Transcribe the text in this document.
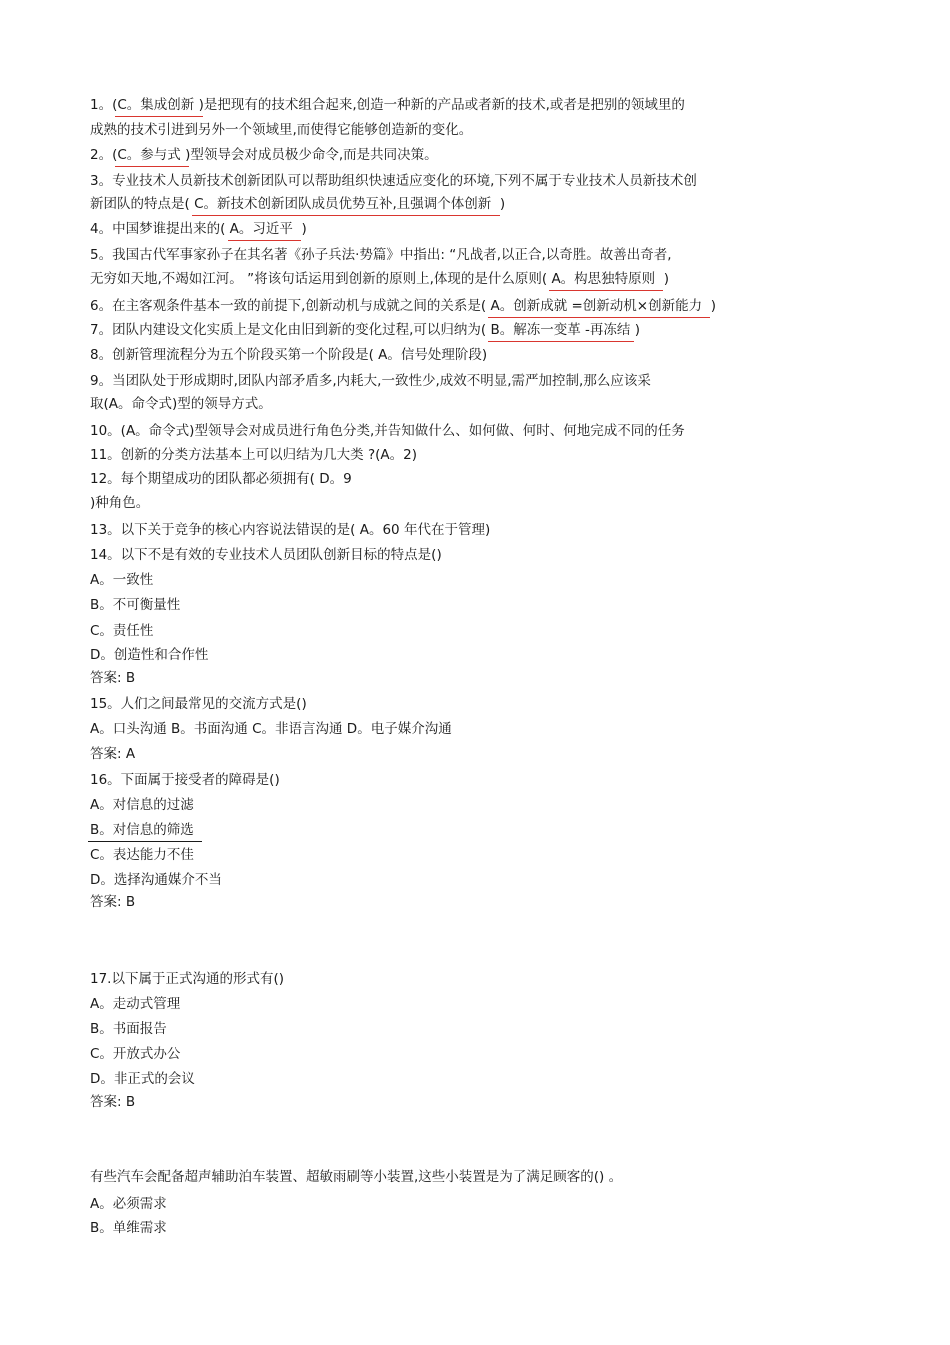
1。(C。集成创新 )是把现有的技术组合起来,创造一种新的产品或者新的技术,或者是把别的领域里的
成熟的技术引进到另外一个领域里,而使得它能够创造新的变化。
2。(C。参与式 )型领导会对成员极少命令,而是共同决策。
3。专业技术人员新技术创新团队可以帮助组织快速适应变化的环境,下列不属于专业技术人员新技术创
新团队的特点是( C。新技术创新团队成员优势互补,且强调个体创新  )
4。中国梦谁提出来的( A。习近平  )
5。我国古代军事家孙子在其名著《孙子兵法·势篇》中指出: “凡战者,以正合,以奇胜。故善出奇者,
无穷如天地,不竭如江河。 ”将该句话运用到创新的原则上,体现的是什么原则( A。构思独特原则  )
6。在主客观条件基本一致的前提下,创新动机与成就之间的关系是( A。创新成就 =创新动机×创新能力  )
7。团队内建设文化实质上是文化由旧到新的变化过程,可以归纳为( B。解冻一变革 -再冻结 )
8。创新管理流程分为五个阶段买第一个阶段是( A。信号处理阶段)
9。当团队处于形成期时,团队内部矛盾多,内耗大,一致性少,成效不明显,需严加控制,那么应该采
取(A。命令式)型的领导方式。
10。(A。命令式)型领导会对成员进行角色分类,并告知做什么、如何做、何时、何地完成不同的任务
11。创新的分类方法基本上可以归结为几大类 ?(A。2)
12。每个期望成功的团队都必须拥有( D。9
)种角色。
13。以下关于竞争的核心内容说法错误的是( A。60 年代在于管理)
14。以下不是有效的专业技术人员团队创新目标的特点是()
A。一致性
B。不可衡量性
C。责任性
D。创造性和合作性
答案: B
15。人们之间最常见的交流方式是()
A。口头沟通 B。书面沟通 C。非语言沟通 D。电子媒介沟通
答案: A
16。下面属于接受者的障碍是()
A。对信息的过滤
B。对信息的筛选
C。表达能力不佳
D。选择沟通媒介不当
答案: B
17.以下属于正式沟通的形式有()
A。走动式管理
B。书面报告
C。开放式办公
D。非正式的会议
答案: B
有些汽车会配备超声辅助泊车装置、超敏雨刷等小装置,这些小装置是为了满足顾客的() 。
A。必须需求
B。单维需求
